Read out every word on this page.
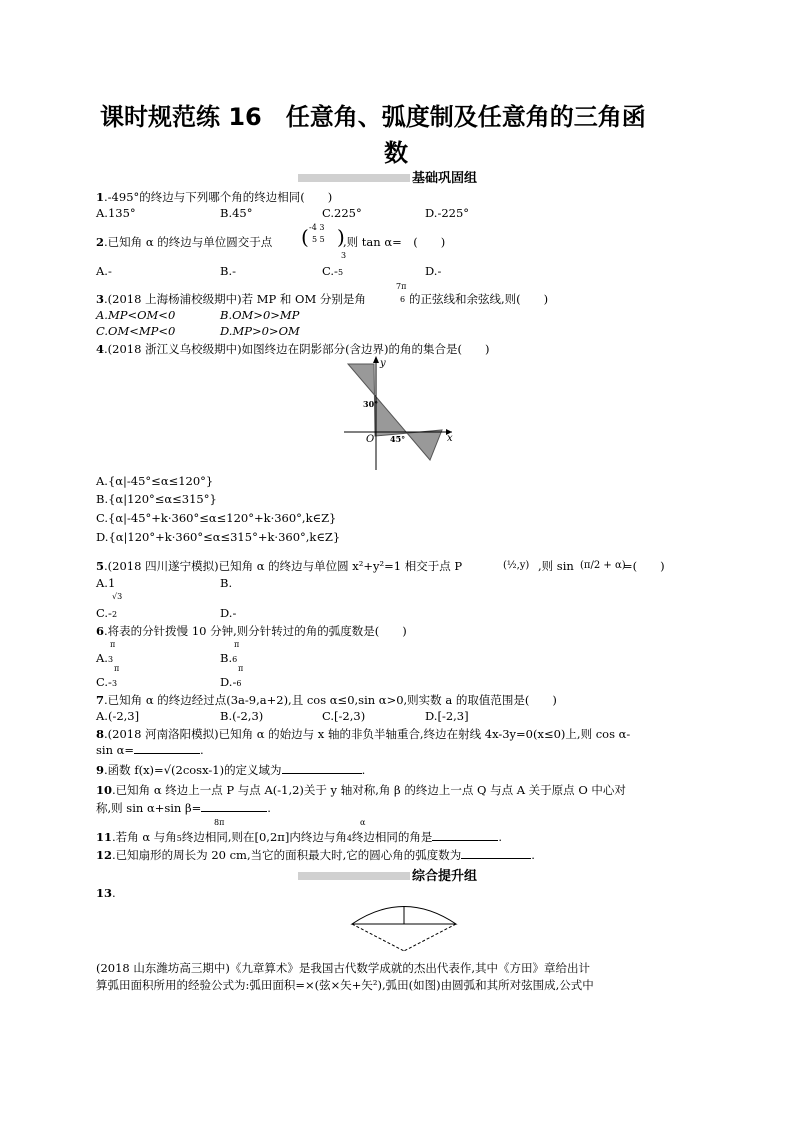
课时规范练 16　任意角、弧度制及任意角的三角函
数
基础巩固组
1.-495°的终边与下列哪个角的终边相同(　　)
A.135°	B.45°	C.225°	D.-225°
2.已知角 α 的终边与单位圆交于点 ( -4 3
5 5 )
,则 tan α=　(　　)
3
A.-	B.-	C.-5	D.-
3.(2018 上海杨浦校级期中)若 MP 和 OM 分别是角
7π
6 的正弦线和余弦线,则(　　)
A.MP<OM<0	B.OM>0>MP
C.OM<MP<0	D.MP>0>OM
4.(2018 浙江义乌校级期中)如图终边在阴影部分(含边界)的角的集合是(　　)
y
x
O
30°
45°
A.{α|-45°≤α≤120°}
B.{α|120°≤α≤315°}
C.{α|-45°+k·360°≤α≤120°+k·360°,k∈Z}
D.{α|120°+k·360°≤α≤315°+k·360°,k∈Z}
5.(2018 四川遂宁模拟)已知角 α 的终边与单位圆 x²+y²=1 相交于点 P	(½,y) ,则 sin (π/2 + α)
=(　　)
A.1	B.
√3
C.-2	D.-
6.将表的分针拨慢 10 分钟,则分针转过的角的弧度数是(　　)
π
A.3
π
B.6
π
C.-3
π
D.-6
7.已知角 α 的终边经过点(3a-9,a+2),且 cos α≤0,sin α>0,则实数 a 的取值范围是(　　)
A.(-2,3]	B.(-2,3)	C.[-2,3)	D.[-2,3]
8.(2018 河南洛阳模拟)已知角 α 的始边与 x 轴的非负半轴重合,终边在射线 4x-3y=0(x≤0)上,则 cos α-
sin α=	.
9.函数 f(x)=√(2cosx-1)的定义域为	.
10.已知角 α 终边上一点 P 与点 A(-1,2)关于 y 轴对称,角 β 的终边上一点 Q 与点 A 关于原点 O 中心对
称,则 sin α+sin β=	.
8π	α
11.若角 α 与角5终边相同,则在[0,2π]内终边与角4终边相同的角是	.
12.已知扇形的周长为 20 cm,当它的面积最大时,它的圆心角的弧度数为	.
综合提升组
13.
(2018 山东潍坊高三期中)《九章算术》是我国古代数学成就的杰出代表作,其中《方田》章给出计
算弧田面积所用的经验公式为:弧田面积=×(弦×矢+矢²),弧田(如图)由圆弧和其所对弦围成,公式中
